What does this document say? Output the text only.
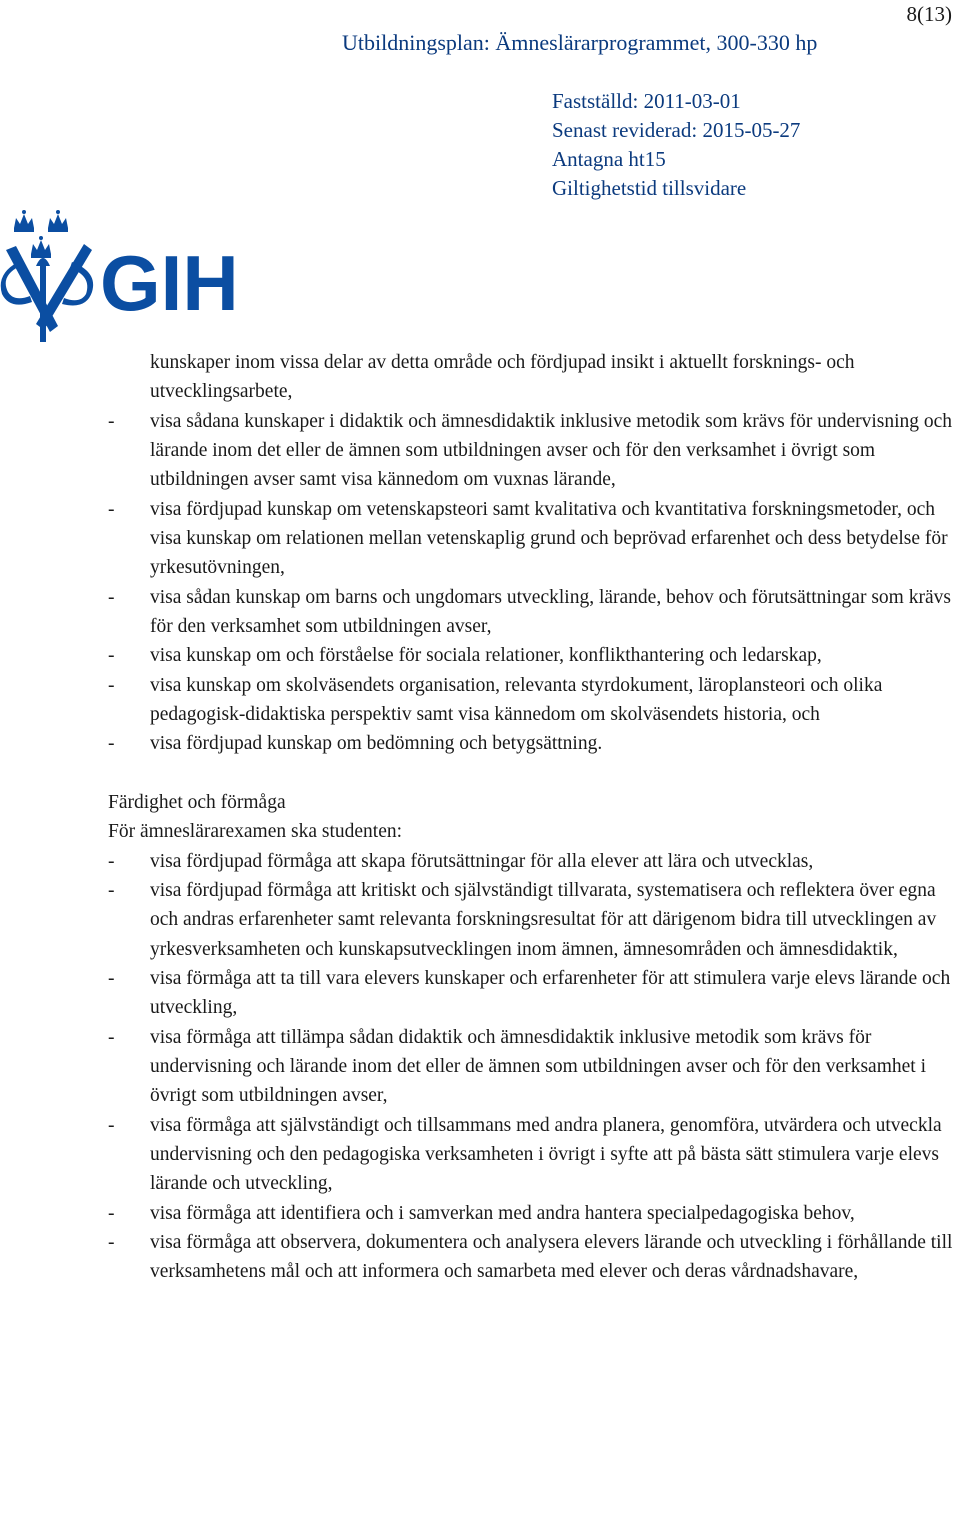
8(13)
Utbildningsplan: Ämneslärarprogrammet, 300-330 hp
Fastställd: 2011-03-01
Senast reviderad: 2015-05-27
Antagna ht15
Giltighetstid tillsvidare
GIH
kunskaper inom vissa delar av detta område och fördjupad insikt i aktuellt forsknings- och utvecklingsarbete,
- visa sådana kunskaper i didaktik och ämnesdidaktik inklusive metodik som krävs för undervisning och lärande inom det eller de ämnen som utbildningen avser och för den verksamhet i övrigt som utbildningen avser samt visa kännedom om vuxnas lärande,
- visa fördjupad kunskap om vetenskapsteori samt kvalitativa och kvantitativa forskningsmetoder, och visa kunskap om relationen mellan vetenskaplig grund och beprövad erfarenhet och dess betydelse för yrkesutövningen,
- visa sådan kunskap om barns och ungdomars utveckling, lärande, behov och förutsättningar som krävs för den verksamhet som utbildningen avser,
- visa kunskap om och förståelse för sociala relationer, konflikthantering och ledarskap,
- visa kunskap om skolväsendets organisation, relevanta styrdokument, läroplansteori och olika pedagogisk-didaktiska perspektiv samt visa kännedom om skolväsendets historia, och
- visa fördjupad kunskap om bedömning och betygsättning.
Färdighet och förmåga
För ämneslärarexamen ska studenten:
- visa fördjupad förmåga att skapa förutsättningar för alla elever att lära och utvecklas,
- visa fördjupad förmåga att kritiskt och självständigt tillvarata, systematisera och reflektera över egna och andras erfarenheter samt relevanta forskningsresultat för att därigenom bidra till utvecklingen av yrkesverksamheten och kunskapsutvecklingen inom ämnen, ämnesområden och ämnesdidaktik,
- visa förmåga att ta till vara elevers kunskaper och erfarenheter för att stimulera varje elevs lärande och utveckling,
- visa förmåga att tillämpa sådan didaktik och ämnesdidaktik inklusive metodik som krävs för undervisning och lärande inom det eller de ämnen som utbildningen avser och för den verksamhet i övrigt som utbildningen avser,
- visa förmåga att självständigt och tillsammans med andra planera, genomföra, utvärdera och utveckla undervisning och den pedagogiska verksamheten i övrigt i syfte att på bästa sätt stimulera varje elevs lärande och utveckling,
- visa förmåga att identifiera och i samverkan med andra hantera specialpedagogiska behov,
- visa förmåga att observera, dokumentera och analysera elevers lärande och utveckling i förhållande till verksamhetens mål och att informera och samarbeta med elever och deras vårdnadshavare,
